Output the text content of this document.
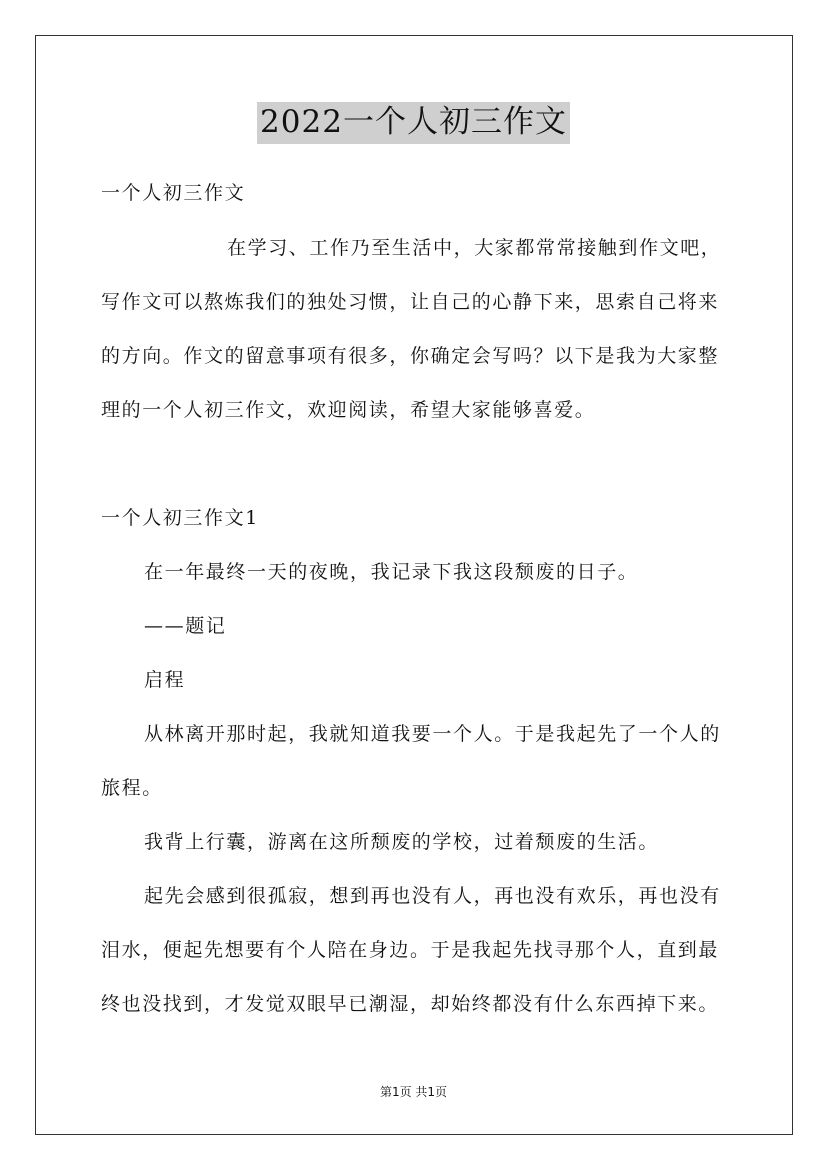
2022一个人初三作文
一个人初三作文
在学习、工作乃至生活中，大家都常常接触到作文吧，
写作文可以熬炼我们的独处习惯，让自己的心静下来，思索自己将来
的方向。作文的留意事项有很多，你确定会写吗？以下是我为大家整
理的一个人初三作文，欢迎阅读，希望大家能够喜爱。
一个人初三作文1
在一年最终一天的夜晚，我记录下我这段颓废的日子。
——题记
启程
从林离开那时起，我就知道我要一个人。于是我起先了一个人的
旅程。
我背上行囊，游离在这所颓废的学校，过着颓废的生活。
起先会感到很孤寂，想到再也没有人，再也没有欢乐，再也没有
泪水，便起先想要有个人陪在身边。于是我起先找寻那个人，直到最
终也没找到，才发觉双眼早已潮湿，却始终都没有什么东西掉下来。
第1页 共1页
